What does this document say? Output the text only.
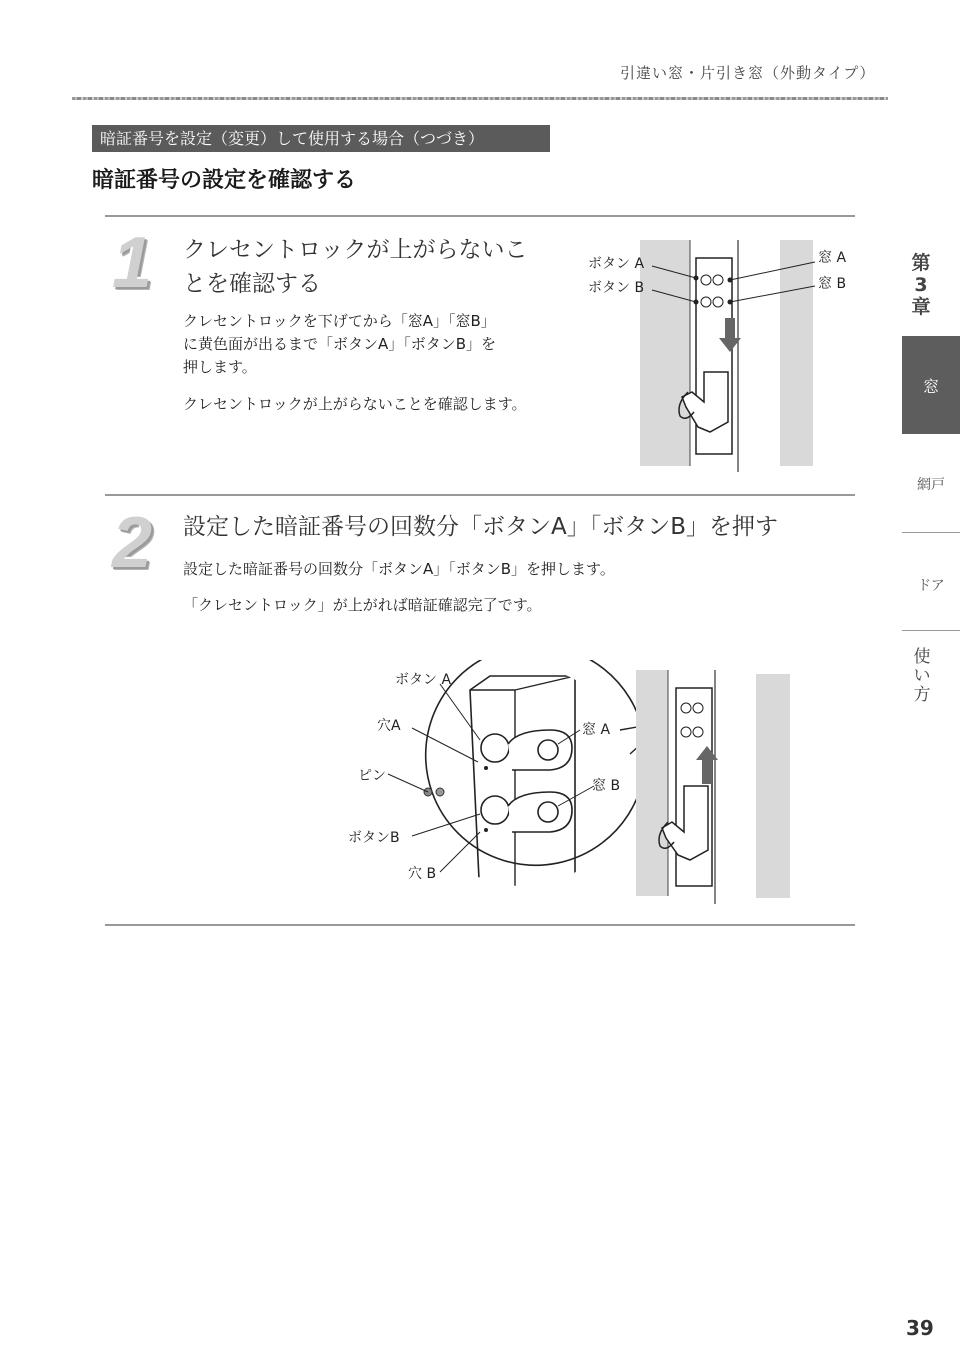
引違い窓・片引き窓（外動タイプ）
暗証番号を設定（変更）して使用する場合（つづき）
暗証番号の設定を確認する
1 クレセントロックが上がらないこ
とを確認する
クレセントロックを下げてから「窓A」「窓B」
に黄色面が出るまで「ボタンA」「ボタンB」を
押します。
クレセントロックが上がらないことを確認します。
ボタン A
ボタン B
窓 A
窓 B
2 設定した暗証番号の回数分「ボタンA」「ボタンB」を押す
設定した暗証番号の回数分「ボタンA」「ボタンB」を押します。
「クレセントロック」が上がれば暗証確認完了です。
ボタン A
穴A
ピン
ボタンB
穴 B
窓 A
窓 B
第
3
章
窓
網戸
ドア
使
い
方
39
